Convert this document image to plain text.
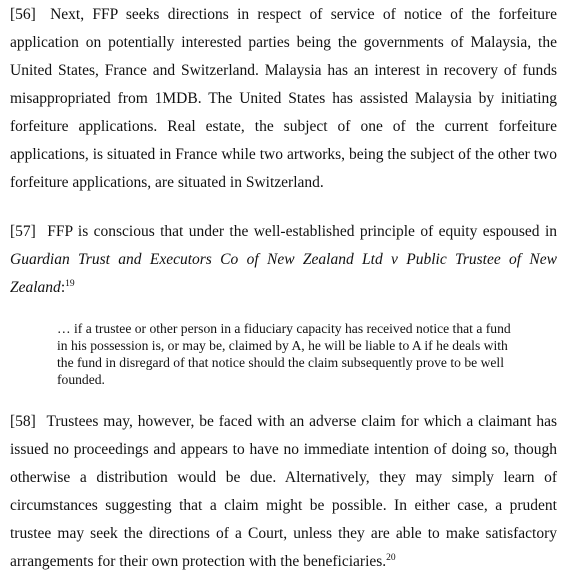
[56] Next, FFP seeks directions in respect of service of notice of the forfeiture application on potentially interested parties being the governments of Malaysia, the United States, France and Switzerland. Malaysia has an interest in recovery of funds misappropriated from 1MDB. The United States has assisted Malaysia by initiating forfeiture applications. Real estate, the subject of one of the current forfeiture applications, is situated in France while two artworks, being the subject of the other two forfeiture applications, are situated in Switzerland.

[57] FFP is conscious that under the well-established principle of equity espoused in Guardian Trust and Executors Co of New Zealand Ltd v Public Trustee of New Zealand:$^{19}$

… if a trustee or other person in a fiduciary capacity has received notice that a fund in his possession is, or may be, claimed by A, he will be liable to A if he deals with the fund in disregard of that notice should the claim subsequently prove to be well founded.

[58] Trustees may, however, be faced with an adverse claim for which a claimant has issued no proceedings and appears to have no immediate intention of doing so, though otherwise a distribution would be due. Alternatively, they may simply learn of circumstances suggesting that a claim might be possible. In either case, a prudent trustee may seek the directions of a Court, unless they are able to make satisfactory arrangements for their own protection with the beneficiaries.$^{20}$
